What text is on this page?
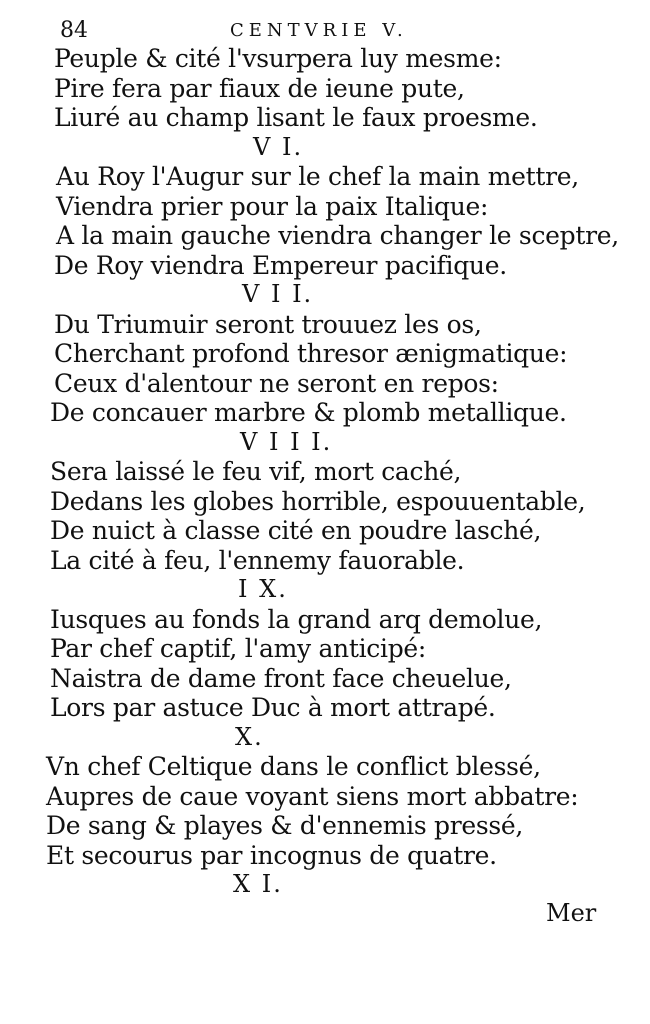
84	CENTVRIE V.
Peuple & cité l'vsurpera luy mesme:
Pire fera par fiaux de ieune pute,
Liuré au champ lisant le faux proesme.
V I.
Au Roy l'Augur sur le chef la main mettre,
Viendra prier pour la paix Italique:
A la main gauche viendra changer le sceptre,
De Roy viendra Empereur pacifique.
V I I.
Du Triumuir seront trouuez les os,
Cherchant profond thresor ænigmatique:
Ceux d'alentour ne seront en repos:
De concauer marbre & plomb metallique.
V I I I.
Sera laissé le feu vif, mort caché,
Dedans les globes horrible, espouuentable,
De nuict à classe cité en poudre lasché,
La cité à feu, l'ennemy fauorable.
I X.
Iusques au fonds la grand arq demolue,
Par chef captif, l'amy anticipé:
Naistra de dame front face cheuelue,
Lors par astuce Duc à mort attrapé.
X.
Vn chef Celtique dans le conflict blessé,
Aupres de caue voyant siens mort abbatre:
De sang & playes & d'ennemis pressé,
Et secourus par incognus de quatre.
X I.
Mer
